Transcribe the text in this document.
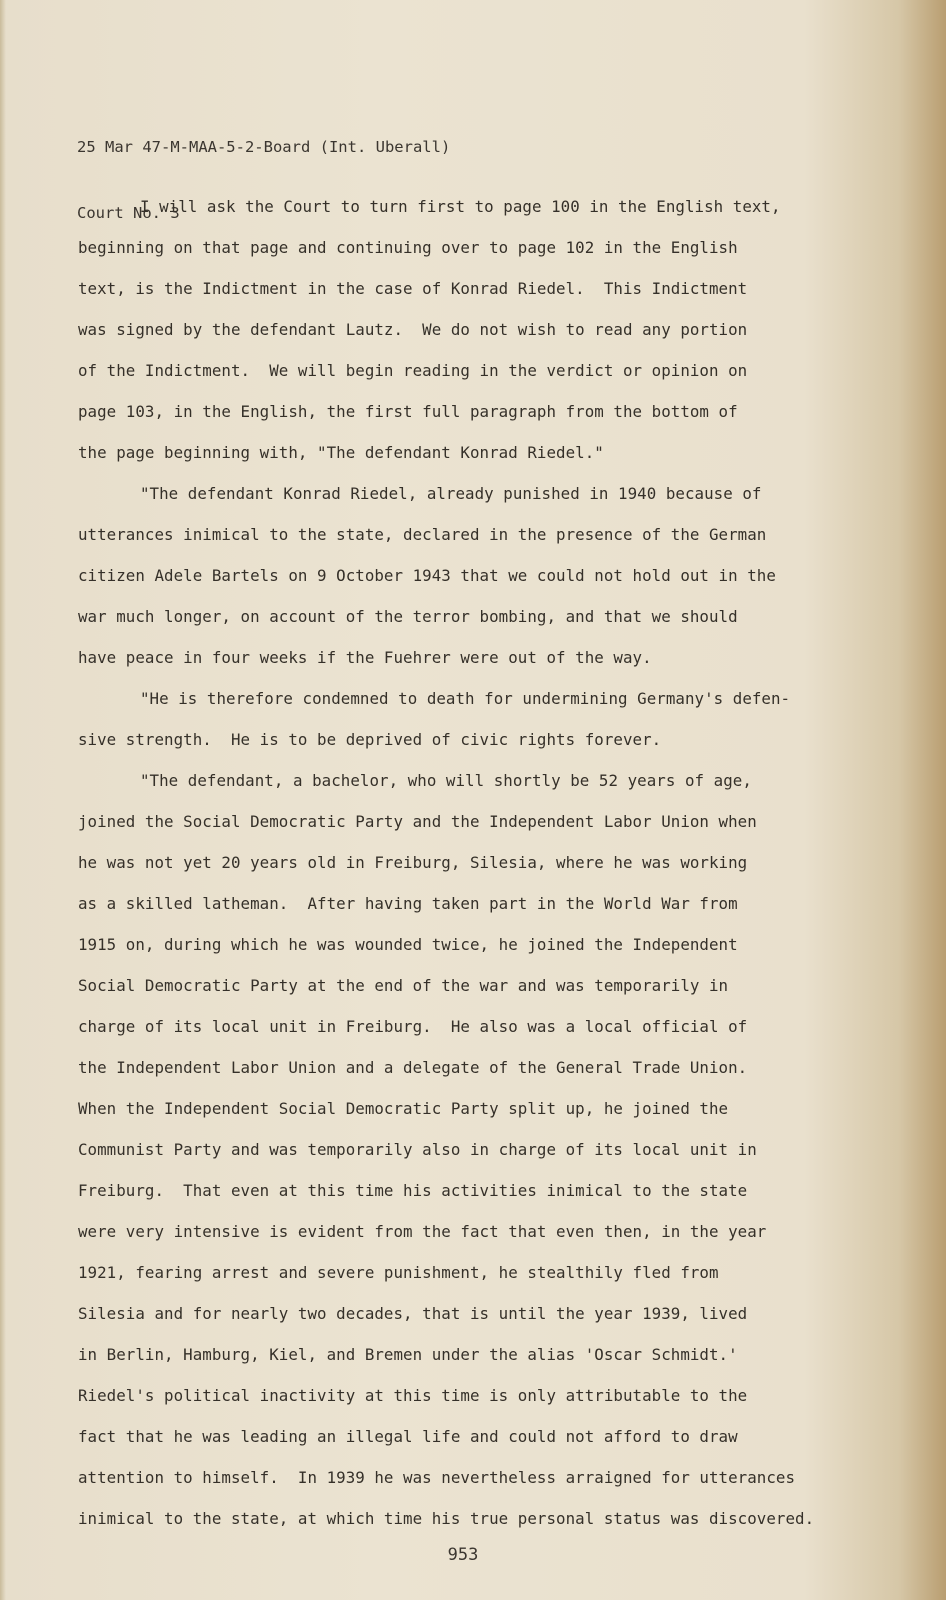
25 Mar 47-M-MAA-5-2-Board (Int. Uberall)

Court No. 3

I will ask the Court to turn first to page 100 in the English text,
beginning on that page and continuing over to page 102 in the English
text, is the Indictment in the case of Konrad Riedel.  This Indictment
was signed by the defendant Lautz.  We do not wish to read any portion
of the Indictment.  We will begin reading in the verdict or opinion on
page 103, in the English, the first full paragraph from the bottom of
the page beginning with, "The defendant Konrad Riedel."
"The defendant Konrad Riedel, already punished in 1940 because of
utterances inimical to the state, declared in the presence of the German
citizen Adele Bartels on 9 October 1943 that we could not hold out in the
war much longer, on account of the terror bombing, and that we should
have peace in four weeks if the Fuehrer were out of the way.
"He is therefore condemned to death for undermining Germany's defen-
sive strength.  He is to be deprived of civic rights forever.
"The defendant, a bachelor, who will shortly be 52 years of age,
joined the Social Democratic Party and the Independent Labor Union when
he was not yet 20 years old in Freiburg, Silesia, where he was working
as a skilled latheman.  After having taken part in the World War from
1915 on, during which he was wounded twice, he joined the Independent
Social Democratic Party at the end of the war and was temporarily in
charge of its local unit in Freiburg.  He also was a local official of
the Independent Labor Union and a delegate of the General Trade Union.
When the Independent Social Democratic Party split up, he joined the
Communist Party and was temporarily also in charge of its local unit in
Freiburg.  That even at this time his activities inimical to the state
were very intensive is evident from the fact that even then, in the year
1921, fearing arrest and severe punishment, he stealthily fled from
Silesia and for nearly two decades, that is until the year 1939, lived
in Berlin, Hamburg, Kiel, and Bremen under the alias 'Oscar Schmidt.'
Riedel's political inactivity at this time is only attributable to the
fact that he was leading an illegal life and could not afford to draw
attention to himself.  In 1939 he was nevertheless arraigned for utterances
inimical to the state, at which time his true personal status was discovered.
953
